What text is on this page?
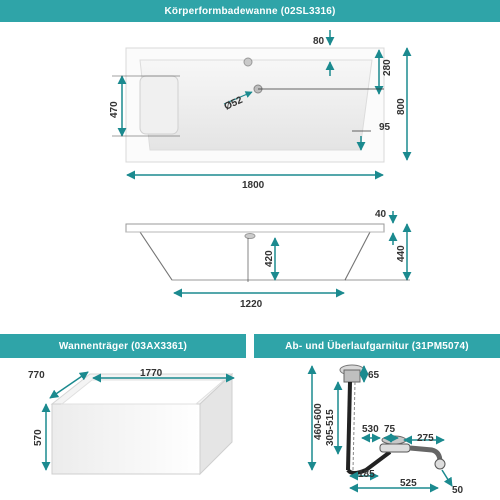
Körperformbadewanne (02SL3316)
Wannenträger (03AX3361)	Ab- und Überlaufgarnitur (31PM5074)
80
280
800
470	Ø52
95
1800
40
420	440
1220
770	1770
570
65
460-600 305-515	530 75
275
185
525
50
